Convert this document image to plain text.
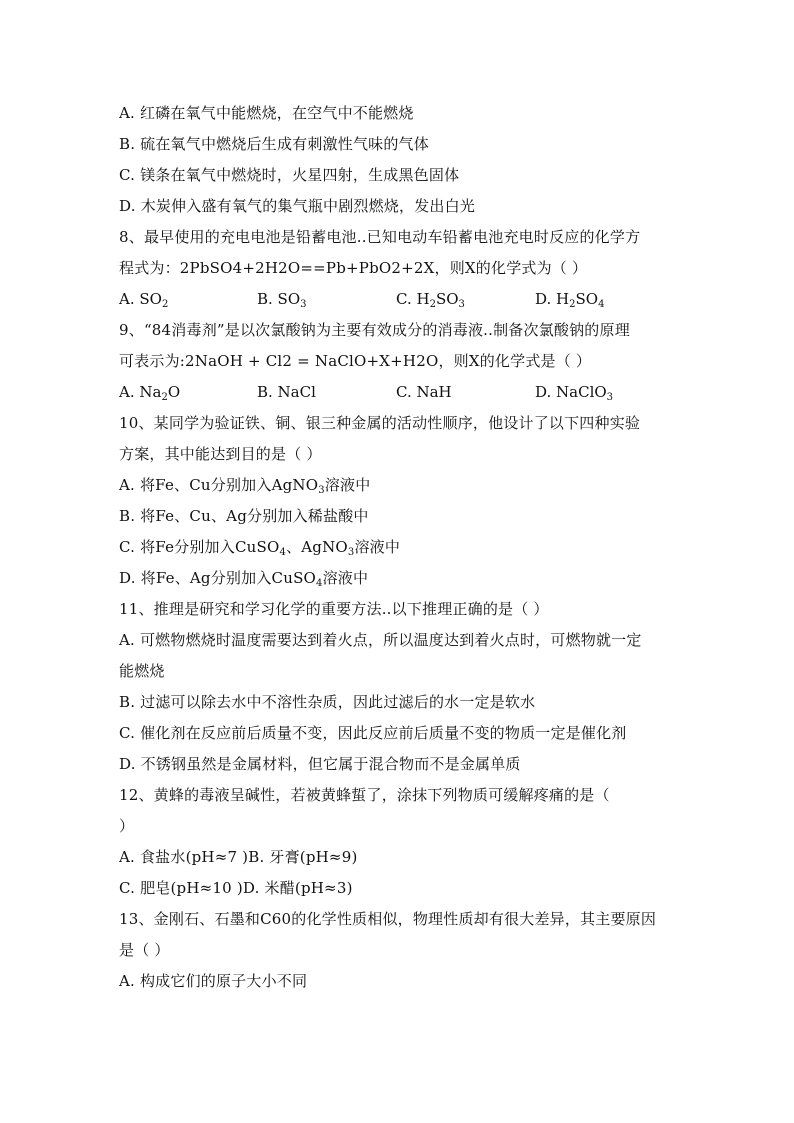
A. 红磷在氧气中能燃烧，在空气中不能燃烧
B. 硫在氧气中燃烧后生成有刺激性气味的气体
C. 镁条在氧气中燃烧时，火星四射，生成黑色固体
D. 木炭伸入盛有氧气的集气瓶中剧烈燃烧，发出白光
8、最早使用的充电电池是铅蓄电池..已知电动车铅蓄电池充电时反应的化学方
程式为：2PbSO4+2H2O==Pb+PbO2+2X，则X的化学式为（ ）
A. $SO_2$	B. $SO_3$	C. $H_2SO_3$	D. $H_2SO_4$
9、“84消毒剂”是以次氯酸钠为主要有效成分的消毒液..制备次氯酸钠的原理
可表示为:2NaOH + Cl2 = NaClO+X+H2O，则X的化学式是（ ）
A. $Na_2O$	B. NaCl	C. NaH	D. NaClO$_3$
10、某同学为验证铁、铜、银三种金属的活动性顺序，他设计了以下四种实验
方案，其中能达到目的是（ ）
A. 将Fe、Cu分别加入AgNO$_3$溶液中
B. 将Fe、Cu、Ag分别加入稀盐酸中
C. 将Fe分别加入CuSO$_4$、AgNO$_3$溶液中
D. 将Fe、Ag分别加入CuSO$_4$溶液中
11、推理是研究和学习化学的重要方法..以下推理正确的是（ ）
A. 可燃物燃烧时温度需要达到着火点，所以温度达到着火点时，可燃物就一定
能燃烧
B. 过滤可以除去水中不溶性杂质，因此过滤后的水一定是软水
C. 催化剂在反应前后质量不变，因此反应前后质量不变的物质一定是催化剂
D. 不锈钢虽然是金属材料，但它属于混合物而不是金属单质
12、黄蜂的毒液呈碱性，若被黄蜂蜇了，涂抹下列物质可缓解疼痛的是（
）
A. 食盐水(pH≈7 )B. 牙膏(pH≈9)
C. 肥皂(pH≈10 )D. 米醋(pH≈3)
13、金刚石、石墨和C60的化学性质相似，物理性质却有很大差异，其主要原因
是（ ）
A. 构成它们的原子大小不同
